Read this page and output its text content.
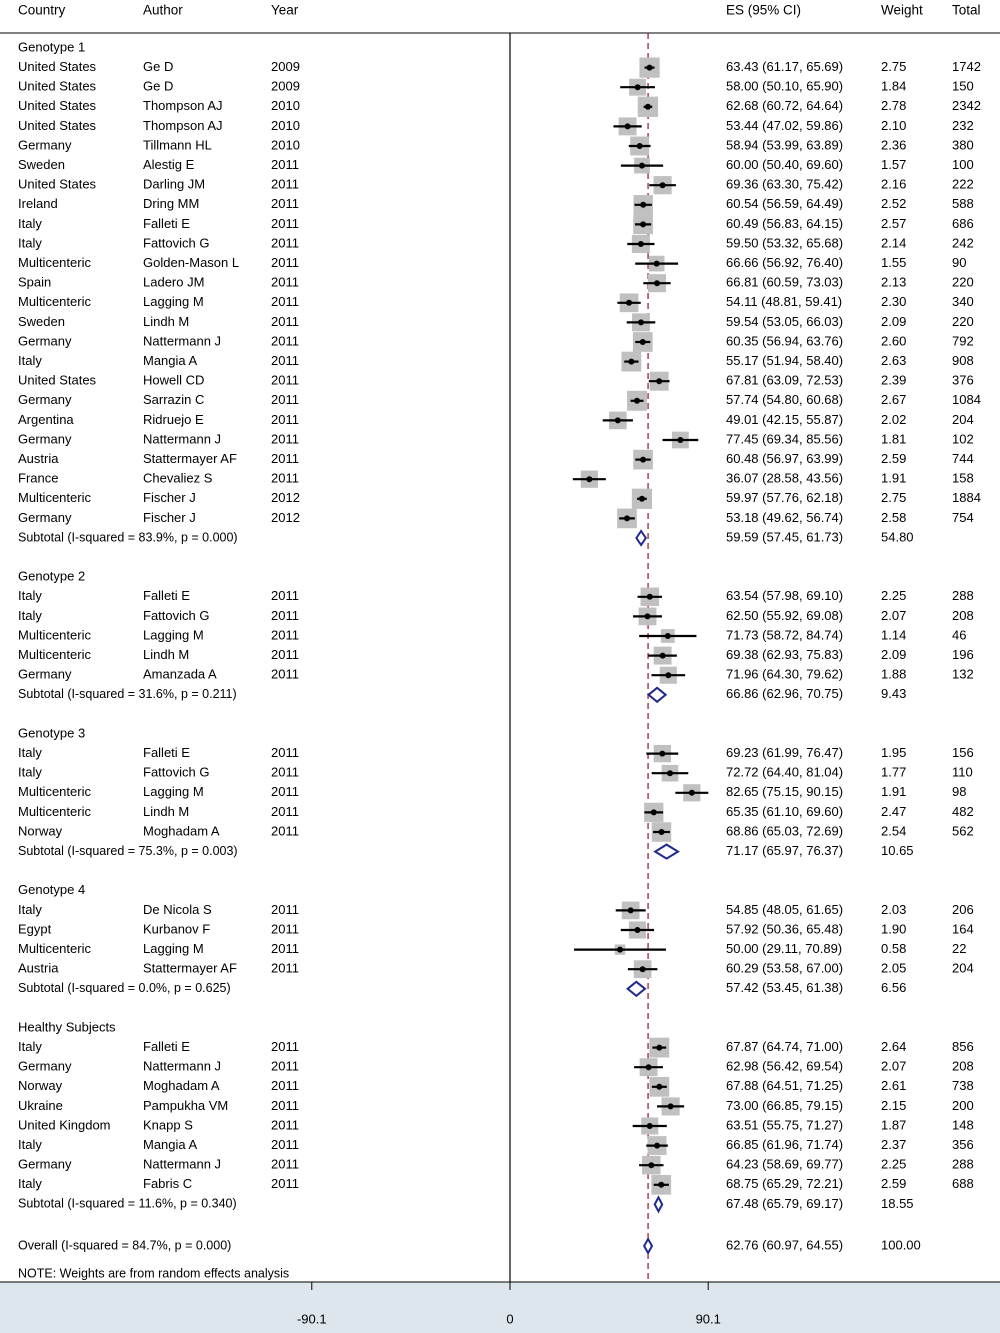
Country	Author	Year	ES (95% CI)	Weight Total
-90.1	0	90.1
Genotype 1
United States	Ge D	2009	63.43 (61.17, 65.69)	2.75	1742
United States	Ge D	2009	58.00 (50.10, 65.90)	1.84	150
United States	Thompson AJ	2010	62.68 (60.72, 64.64)	2.78	2342
United States	Thompson AJ	2010	53.44 (47.02, 59.86)	2.10	232
Germany	Tillmann HL	2010	58.94 (53.99, 63.89)	2.36	380
Sweden	Alestig E	2011	60.00 (50.40, 69.60)	1.57	100
United States	Darling JM	2011	69.36 (63.30, 75.42)	2.16	222
Ireland	Dring MM	2011	60.54 (56.59, 64.49)	2.52	588
Italy	Falleti E	2011	60.49 (56.83, 64.15)	2.57	686
Italy	Fattovich G	2011	59.50 (53.32, 65.68)	2.14	242
Multicenteric	Golden-Mason L 2011	66.66 (56.92, 76.40)	1.55	90
Spain	Ladero JM	2011	66.81 (60.59, 73.03)	2.13	220
Multicenteric	Lagging M	2011	54.11 (48.81, 59.41)	2.30	340
Sweden	Lindh M	2011	59.54 (53.05, 66.03)	2.09	220
Germany	Nattermann J	2011	60.35 (56.94, 63.76)	2.60	792
Italy	Mangia A	2011	55.17 (51.94, 58.40)	2.63	908
United States	Howell CD	2011	67.81 (63.09, 72.53)	2.39	376
Germany	Sarrazin C	2011	57.74 (54.80, 60.68)	2.67	1084
Argentina	Ridruejo E	2011	49.01 (42.15, 55.87)	2.02	204
Germany	Nattermann J	2011	77.45 (69.34, 85.56)	1.81	102
Austria	Stattermayer AF	2011	60.48 (56.97, 63.99)	2.59	744
France	Chevaliez S	2011	36.07 (28.58, 43.56)	1.91	158
Multicenteric	Fischer J	2012	59.97 (57.76, 62.18)	2.75	1884
Germany	Fischer J	2012	53.18 (49.62, 56.74)	2.58	754
Subtotal (I-squared = 83.9%, p = 0.000)	59.59 (57.45, 61.73)	54.80
Genotype 2
Italy	Falleti E	2011	63.54 (57.98, 69.10)	2.25	288
Italy	Fattovich G	2011	62.50 (55.92, 69.08)	2.07	208
Multicenteric	Lagging M	2011	71.73 (58.72, 84.74)	1.14	46
Multicenteric	Lindh M	2011	69.38 (62.93, 75.83)	2.09	196
Germany	Amanzada A	2011	71.96 (64.30, 79.62)	1.88	132
Subtotal (I-squared = 31.6%, p = 0.211)	66.86 (62.96, 70.75)	9.43
Genotype 3
Italy	Falleti E	2011	69.23 (61.99, 76.47)	1.95	156
Italy	Fattovich G	2011	72.72 (64.40, 81.04)	1.77	110
Multicenteric	Lagging M	2011	82.65 (75.15, 90.15)	1.91	98
Multicenteric	Lindh M	2011	65.35 (61.10, 69.60)	2.47	482
Norway	Moghadam A	2011	68.86 (65.03, 72.69)	2.54	562
Subtotal (I-squared = 75.3%, p = 0.003)	71.17 (65.97, 76.37)	10.65
Genotype 4
Italy	De Nicola S	2011	54.85 (48.05, 61.65)	2.03	206
Egypt	Kurbanov F	2011	57.92 (50.36, 65.48)	1.90	164
Multicenteric	Lagging M	2011	50.00 (29.11, 70.89)	0.58	22
Austria	Stattermayer AF	2011	60.29 (53.58, 67.00)	2.05	204
Subtotal (I-squared = 0.0%, p = 0.625)	57.42 (53.45, 61.38)	6.56
Healthy Subjects
Italy	Falleti E	2011	67.87 (64.74, 71.00)	2.64	856
Germany	Nattermann J	2011	62.98 (56.42, 69.54)	2.07	208
Norway	Moghadam A	2011	67.88 (64.51, 71.25)	2.61	738
Ukraine	Pampukha VM	2011	73.00 (66.85, 79.15)	2.15	200
United Kingdom	Knapp S	2011	63.51 (55.75, 71.27)	1.87	148
Italy	Mangia A	2011	66.85 (61.96, 71.74)	2.37	356
Germany	Nattermann J	2011	64.23 (58.69, 69.77)	2.25	288
Italy	Fabris C	2011	68.75 (65.29, 72.21)	2.59	688
Subtotal (I-squared = 11.6%, p = 0.340)	67.48 (65.79, 69.17)	18.55
Overall (I-squared = 84.7%, p = 0.000)	62.76 (60.97, 64.55)	100.00
NOTE: Weights are from random effects analysis
